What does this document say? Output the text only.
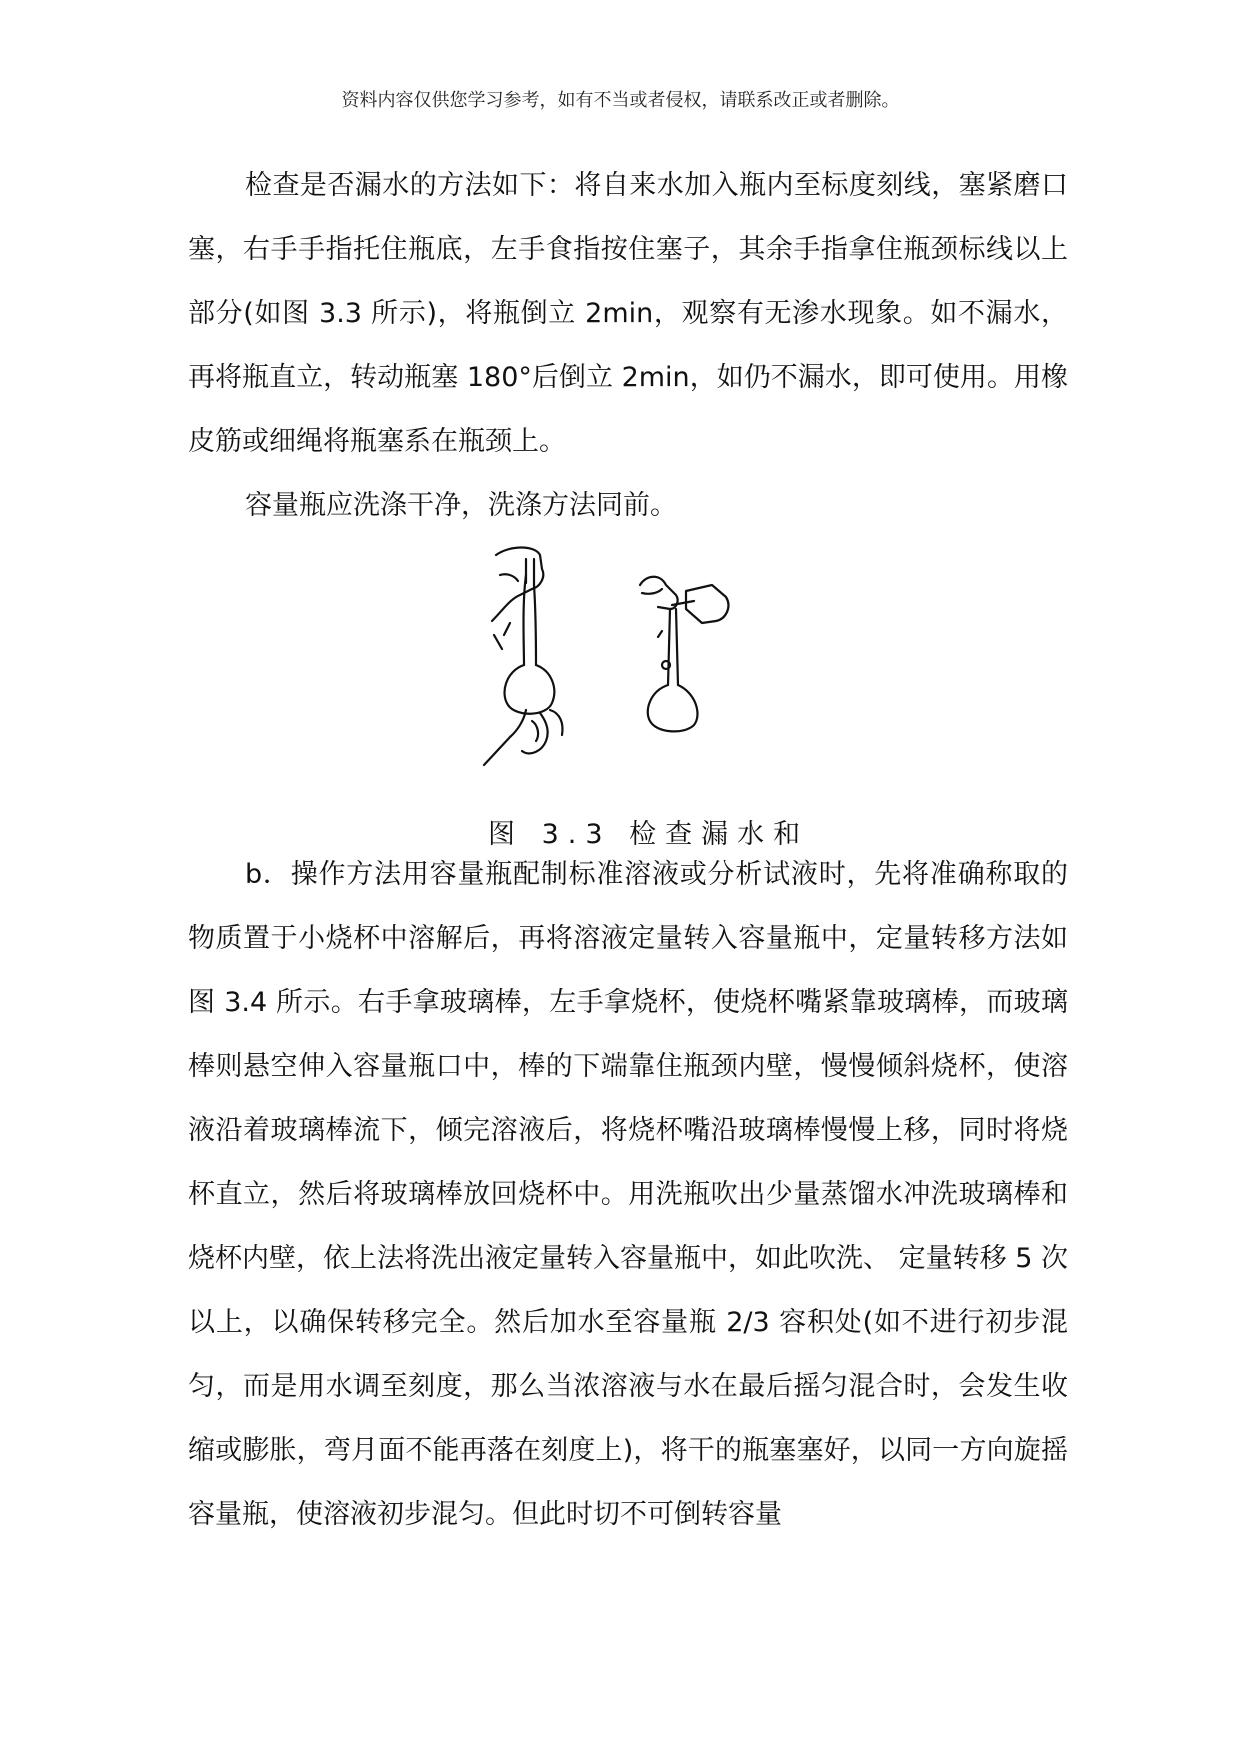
资料内容仅供您学习参考，如有不当或者侵权，请联系改正或者删除。

检查是否漏水的方法如下：将自来水加入瓶内至标度刻线，塞紧磨口塞，右手手指托住瓶底，左手食指按住塞子，其余手指拿住瓶颈标线以上部分(如图 3.3 所示)，将瓶倒立 2min，观察有无渗水现象。如不漏水，再将瓶直立，转动瓶塞 180°后倒立 2min，如仍不漏水，即可使用。用橡皮筋或细绳将瓶塞系在瓶颈上。

容量瓶应洗涤干净，洗涤方法同前。

图 3.3 检查漏水和

b．操作方法用容量瓶配制标准溶液或分析试液时，先将准确称取的物质置于小烧杯中溶解后，再将溶液定量转入容量瓶中，定量转移方法如图 3.4 所示。右手拿玻璃棒，左手拿烧杯，使烧杯嘴紧靠玻璃棒，而玻璃棒则悬空伸入容量瓶口中，棒的下端靠住瓶颈内壁，慢慢倾斜烧杯，使溶液沿着玻璃棒流下，倾完溶液后，将烧杯嘴沿玻璃棒慢慢上移，同时将烧杯直立，然后将玻璃棒放回烧杯中。用洗瓶吹出少量蒸馏水冲洗玻璃棒和烧杯内壁，依上法将洗出液定量转入容量瓶中，如此吹洗、 定量转移 5 次以上，以确保转移完全。然后加水至容量瓶 2/3 容积处(如不进行初步混匀，而是用水调至刻度，那么当浓溶液与水在最后摇匀混合时，会发生收缩或膨胀，弯月面不能再落在刻度上)，将干的瓶塞塞好，以同一方向旋摇容量瓶，使溶液初步混匀。但此时切不可倒转容量
